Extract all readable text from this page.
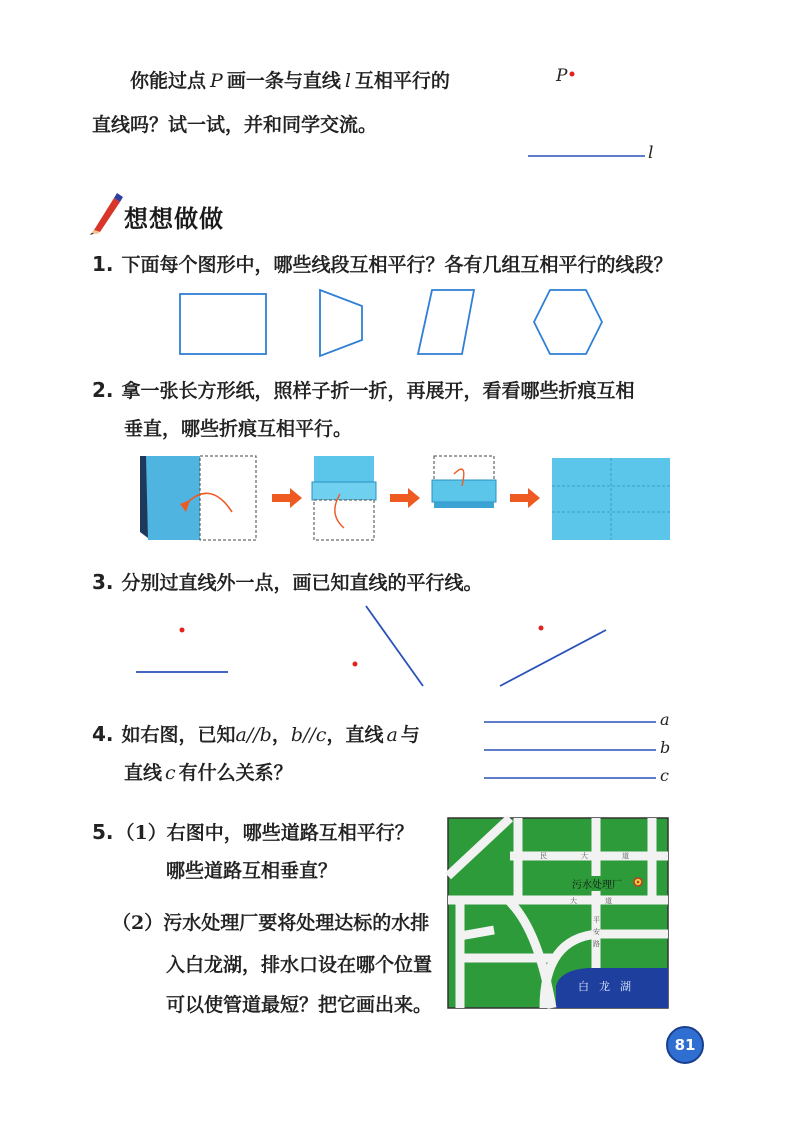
你能过点 P 画一条与直线 l 互相平行的
直线吗？试一试，并和同学交流。
P
l
想想做做
1. 下面每个图形中，哪些线段互相平行？各有几组互相平行的线段？
2. 拿一张长方形纸，照样子折一折，再展开，看看哪些折痕互相
垂直，哪些折痕互相平行。
3. 分别过直线外一点，画已知直线的平行线。
4. 如右图，已知a//b，b//c，直线 a 与
直线 c 有什么关系？
a
b
c
5. （1）右图中，哪些道路互相平行？
哪些道路互相垂直？
（2）污水处理厂要将处理达标的水排
入白龙湖，排水口设在哪个位置
可以使管道最短？把它画出来。
污水处理厂
白龙湖
民大道
大道
平安路
81
